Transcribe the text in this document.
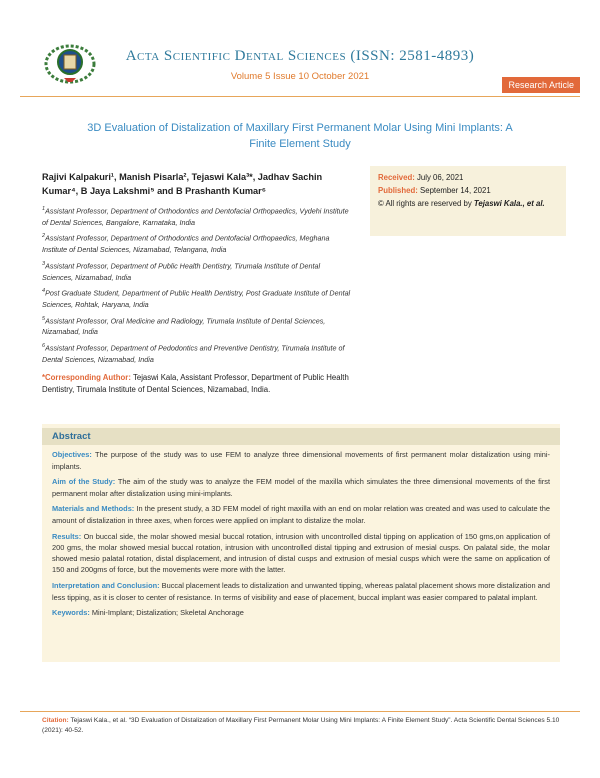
Acta Scientific Dental Sciences (ISSN: 2581-4893)
Volume 5 Issue 10 October 2021
Research Article
3D Evaluation of Distalization of Maxillary First Permanent Molar Using Mini Implants: A Finite Element Study
Rajivi Kalpakuri¹, Manish Pisarla², Tejaswi Kala³*, Jadhav Sachin Kumar⁴, B Jaya Lakshmi⁵ and B Prashanth Kumar⁶
$^1$Assistant Professor, Department of Orthodontics and Dentofacial Orthopaedics, Vydehi Institute of Dental Sciences, Bangalore, Karnataka, India
$^2$Assistant Professor, Department of Orthodontics and Dentofacial Orthopaedics, Meghana Institute of Dental Sciences, Nizamabad, Telangana, India
$^3$Assistant Professor, Department of Public Health Dentistry, Tirumala Institute of Dental Sciences, Nizamabad, India
$^4$Post Graduate Student, Department of Public Health Dentistry, Post Graduate Institute of Dental Sciences, Rohtak, Haryana, India
$^5$Assistant Professor, Oral Medicine and Radiology, Tirumala Institute of Dental Sciences, Nizamabad, India
$^6$Assistant Professor, Department of Pedodontics and Preventive Dentistry, Tirumala Institute of Dental Sciences, Nizamabad, India
*Corresponding Author: Tejaswi Kala, Assistant Professor, Department of Public Health Dentistry, Tirumala Institute of Dental Sciences, Nizamabad, India.
Received: July 06, 2021
Published: September 14, 2021
© All rights are reserved by Tejaswi Kala., et al.
Abstract

Objectives: The purpose of the study was to use FEM to analyze three dimensional movements of first permanent molar distalization using mini-implants.

Aim of the Study: The aim of the study was to analyze the FEM model of the maxilla which simulates the three dimensional movements of the first permanent molar after distalization using mini-implants.

Materials and Methods: In the present study, a 3D FEM model of right maxilla with an end on molar relation was created and was used to calculate the amount of distalization in three axes, when forces were applied on implant to distalize the molar.

Results: On buccal side, the molar showed mesial buccal rotation, intrusion with uncontrolled distal tipping on application of 150 gms,on application of 200 gms, the molar showed mesial buccal rotation, intrusion with uncontrolled distal tipping and extrusion of mesial cusps. On palatal side, the molar showed mesio palatal rotation, distal displacement, and intrusion of distal cusps and extrusion of mesial cusps which were the same on application of 150 and 200gms of force, but the movements were more with the latter.

Interpretation and Conclusion: Buccal placement leads to distalization and unwanted tipping, whereas palatal placement shows more distalization and less tipping, as it is closer to center of resistance. In terms of visibility and ease of placement, buccal implant was easier compared to palatal implant.

Keywords: Mini-Implant; Distalization; Skeletal Anchorage

Citation: Tejaswi Kala., et al. “3D Evaluation of Distalization of Maxillary First Permanent Molar Using Mini Implants: A Finite Element Study”. Acta Scientific Dental Sciences 5.10 (2021): 40-52.
